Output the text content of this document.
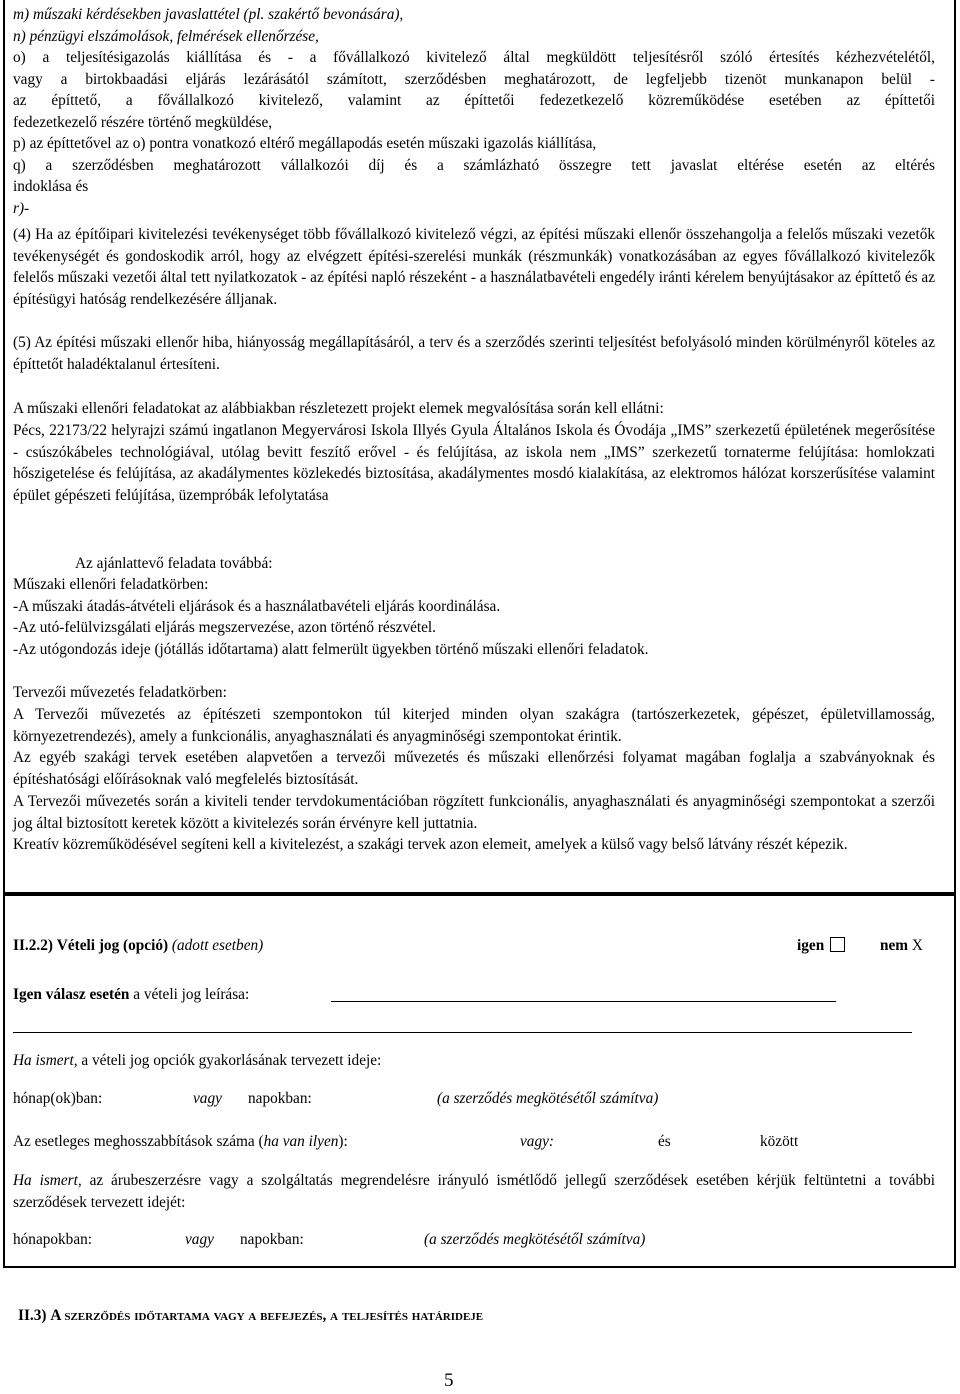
m) műszaki kérdésekben javaslattétel (pl. szakértő bevonására),
n) pénzügyi elszámolások, felmérések ellenőrzése,
o) a teljesítésigazolás kiállítása és - a fővállalkozó kivitelező által megküldött teljesítésről szóló értesítés kézhezvételétől,
vagy a birtokbaadási eljárás lezárásától számított, szerződésben meghatározott, de legfeljebb tizenöt munkanapon belül -
az építtető, a fővállalkozó kivitelező, valamint az építtetői fedezetkezelő közreműködése esetében az építtetői
fedezetkezelő részére történő megküldése,
p) az építtetővel az o) pontra vonatkozó eltérő megállapodás esetén műszaki igazolás kiállítása,
q) a szerződésben meghatározott vállalkozói díj és a számlázható összegre tett javaslat eltérése esetén az eltérés
indoklása és
r)-
(4) Ha az építőipari kivitelezési tevékenységet több fővállalkozó kivitelező végzi, az építési műszaki ellenőr összehangolja a felelős műszaki vezetők tevékenységét és gondoskodik arról, hogy az elvégzett építési-szerelési munkák (részmunkák) vonatkozásában az egyes fővállalkozó kivitelezők felelős műszaki vezetői által tett nyilatkozatok - az építési napló részeként - a használatbavételi engedély iránti kérelem benyújtásakor az építtető és az építésügyi hatóság rendelkezésére álljanak.
(5) Az építési műszaki ellenőr hiba, hiányosság megállapításáról, a terv és a szerződés szerinti teljesítést befolyásoló minden körülményről köteles az építtetőt haladéktalanul értesíteni.
A műszaki ellenőri feladatokat az alábbiakban részletezett projekt elemek megvalósítása során kell ellátni:
Pécs, 22173/22 helyrajzi számú ingatlanon Megyervárosi Iskola Illyés Gyula Általános Iskola és Óvodája „IMS” szerkezetű épületének megerősítése - csúszókábeles technológiával, utólag bevitt feszítő erővel - és felújítása, az iskola nem „IMS” szerkezetű tornaterme felújítása: homlokzati hőszigetelése és felújítása, az akadálymentes közlekedés biztosítása, akadálymentes mosdó kialakítása, az elektromos hálózat korszerűsítése valamint épület gépészeti felújítása, üzempróbák lefolytatása
Az ajánlattevő feladata továbbá:
Műszaki ellenőri feladatkörben:
-A műszaki átadás-átvételi eljárások és a használatbavételi eljárás koordinálása.
-Az utó-felülvizsgálati eljárás megszervezése, azon történő részvétel.
-Az utógondozás ideje (jótállás időtartama) alatt felmerült ügyekben történő műszaki ellenőri feladatok.
Tervezői művezetés feladatkörben:
A Tervezői művezetés az építészeti szempontokon túl kiterjed minden olyan szakágra (tartószerkezetek, gépészet, épületvillamosság, környezetrendezés), amely a funkcionális, anyaghasználati és anyagminőségi szempontokat érintik.
Az egyéb szakági tervek esetében alapvetően a tervezői művezetés és műszaki ellenőrzési folyamat magában foglalja a szabványoknak és építéshatósági előírásoknak való megfelelés biztosítását.
A Tervezői művezetés során a kiviteli tender tervdokumentációban rögzített funkcionális, anyaghasználati és anyagminőségi szempontokat a szerzői jog által biztosított keretek között a kivitelezés során érvényre kell juttatnia.
Kreatív közreműködésével segíteni kell a kivitelezést, a szakági tervek azon elemeit, amelyek a külső vagy belső látvány részét képezik.
II.2.2) Vételi jog (opció) (adott esetben)	igen	nem X
Igen válasz esetén a vételi jog leírása:
Ha ismert, a vételi jog opciók gyakorlásának tervezett ideje:
hónap(ok)ban:	vagy napokban:	(a szerződés megkötésétől számítva)
Az esetleges meghosszabbítások száma (ha van ilyen):	vagy:	és	között
Ha ismert, az árubeszerzésre vagy a szolgáltatás megrendelésre irányuló ismétlődő jellegű szerződések esetében kérjük feltüntetni a további szerződések tervezett idejét:
hónapokban:	vagy napokban:	(a szerződés megkötésétől számítva)
II.3) A szerződés időtartama vagy a befejezés, a teljesítés határideje
5
